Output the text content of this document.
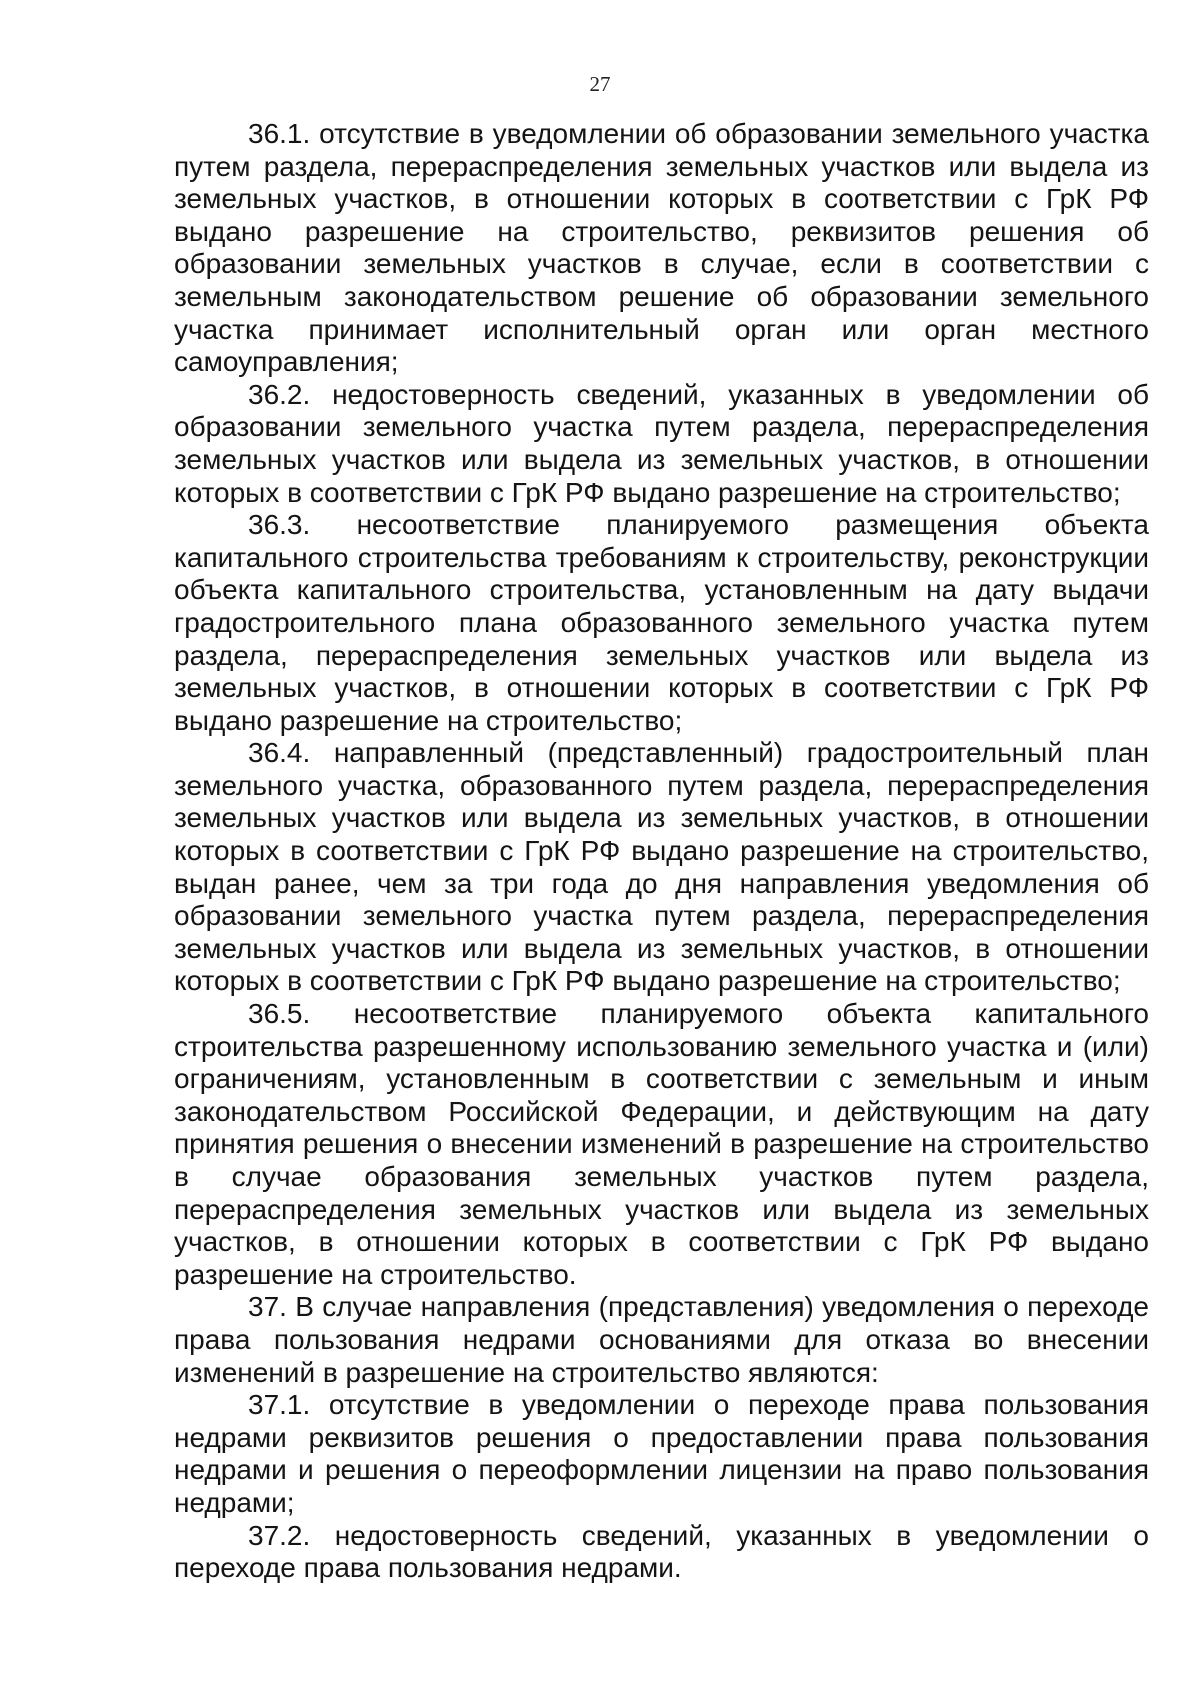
27

36.1. отсутствие в уведомлении об образовании земельного участка путем раздела, перераспределения земельных участков или выдела из земельных участков, в отношении которых в соответствии с ГрК РФ выдано разрешение на строительство, реквизитов решения об образовании земельных участков в случае, если в соответствии с земельным законодательством решение об образовании земельного участка принимает исполнительный орган или орган местного самоуправления;

36.2. недостоверность сведений, указанных в уведомлении об образовании земельного участка путем раздела, перераспределения земельных участков или выдела из земельных участков, в отношении которых в соответствии с ГрК РФ выдано разрешение на строительство;

36.3. несоответствие планируемого размещения объекта капитального строительства требованиям к строительству, реконструкции объекта капитального строительства, установленным на дату выдачи градостроительного плана образованного земельного участка путем раздела, перераспределения земельных участков или выдела из земельных участков, в отношении которых в соответствии с ГрК РФ выдано разрешение на строительство;

36.4. направленный (представленный) градостроительный план земельного участка, образованного путем раздела, перераспределения земельных участков или выдела из земельных участков, в отношении которых в соответствии с ГрК РФ выдано разрешение на строительство, выдан ранее, чем за три года до дня направления уведомления об образовании земельного участка путем раздела, перераспределения земельных участков или выдела из земельных участков, в отношении которых в соответствии с ГрК РФ выдано разрешение на строительство;

36.5. несоответствие планируемого объекта капитального строительства разрешенному использованию земельного участка и (или) ограничениям, установленным в соответствии с земельным и иным законодательством Российской Федерации, и действующим на дату принятия решения о внесении изменений в разрешение на строительство в случае образования земельных участков путем раздела, перераспределения земельных участков или выдела из земельных участков, в отношении которых в соответствии с ГрК РФ выдано разрешение на строительство.

37. В случае направления (представления) уведомления о переходе права пользования недрами основаниями для отказа во внесении изменений в разрешение на строительство являются:

37.1. отсутствие в уведомлении о переходе права пользования недрами реквизитов решения о предоставлении права пользования недрами и решения о переоформлении лицензии на право пользования недрами;

37.2. недостоверность сведений, указанных в уведомлении о переходе права пользования недрами.
